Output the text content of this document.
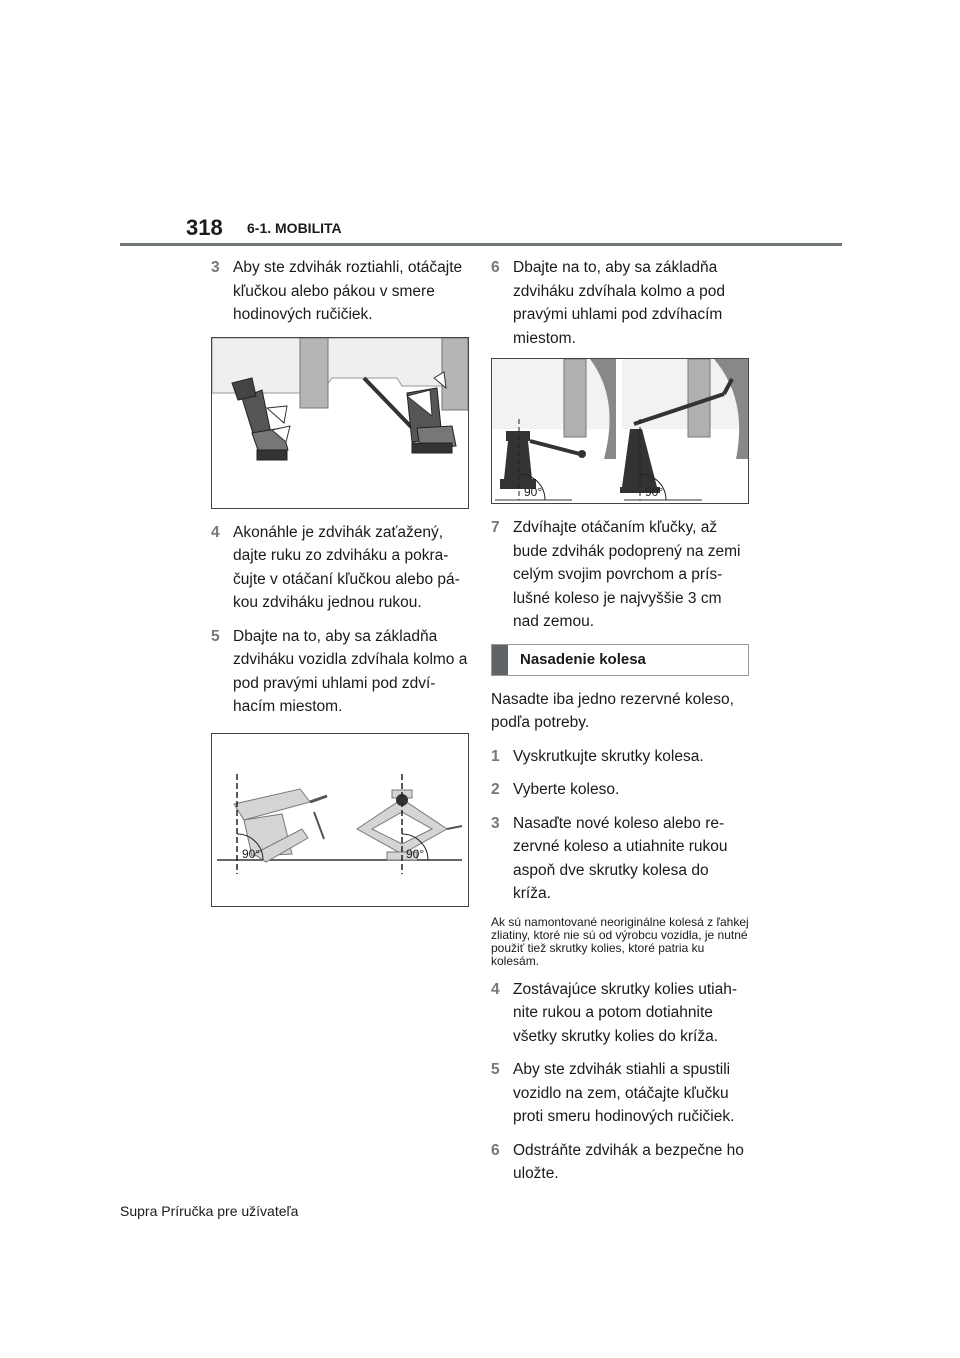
318 6-1. MOBILITA
3 Aby ste zdvihák roztiahli, otáčajte kľučkou alebo pákou v smere hodinových ručičiek.
4 Akonáhle je zdvihák zaťažený, dajte ruku zo zdviháku a pokračujte v otáčaní kľučkou alebo pákou zdviháku jednou rukou.
5 Dbajte na to, aby sa základňa zdviháku vozidla zdvíhala kolmo a pod pravými uhlami pod zdvíhacím miestom.
90°	90°
6 Dbajte na to, aby sa základňa zdviháku zdvíhala kolmo a pod pravými uhlami pod zdvíhacím miestom.
90°	90°
7 Zdvíhajte otáčaním kľučky, až bude zdvihák podoprený na zemi celým svojim povrchom a príslušné koleso je najvyššie 3 cm nad zemou.
Nasadenie kolesa

Nasadte iba jedno rezervné koleso, podľa potreby.

1 Vyskrutkujte skrutky kolesa.
2 Vyberte koleso.
3 Nasaďte nové koleso alebo rezervné koleso a utiahnite rukou aspoň dve skrutky kolesa do kríža.

Ak sú namontované neoriginálne kolesá z ľahkej zliatiny, ktoré nie sú od výrobcu vozidla, je nutné použiť tiež skrutky kolies, ktoré patria ku kolesám.

4 Zostávajúce skrutky kolies utiahnite rukou a potom dotiahnite všetky skrutky kolies do kríža.
5 Aby ste zdvihák stiahli a spustili vozidlo na zem, otáčajte kľučku proti smeru hodinových ručičiek.
6 Odstráňte zdvihák a bezpečne ho uložte.
Supra Príručka pre užívateľa
